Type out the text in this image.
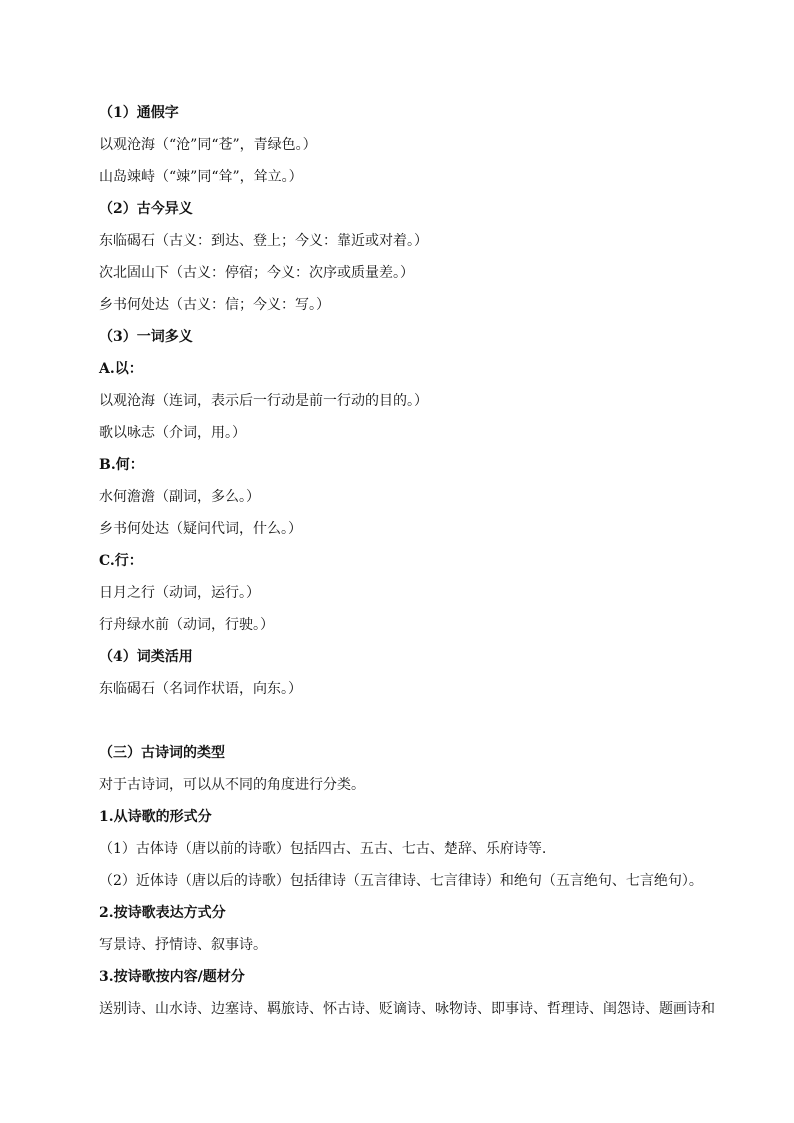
（1）通假字
以观沧海（“沧”同“苍”，青绿色。）
山岛竦峙（“竦”同“耸”，耸立。）
（2）古今异义
东临碣石（古义：到达、登上；今义：靠近或对着。）
次北固山下（古义：停宿；今义：次序或质量差。）
乡书何处达（古义：信；今义：写。）
（3）一词多义
A.以：
以观沧海（连词，表示后一行动是前一行动的目的。）
歌以咏志（介词，用。）
B.何：
水何澹澹（副词，多么。）
乡书何处达（疑问代词，什么。）
C.行：
日月之行（动词，运行。）
行舟绿水前（动词，行驶。）
（4）词类活用
东临碣石（名词作状语，向东。）
（三）古诗词的类型
对于古诗词，可以从不同的角度进行分类。
1.从诗歌的形式分
（1）古体诗（唐以前的诗歌）包括四古、五古、七古、楚辞、乐府诗等.
（2）近体诗（唐以后的诗歌）包括律诗（五言律诗、七言律诗）和绝句（五言绝句、七言绝句）。
2.按诗歌表达方式分
写景诗、抒情诗、叙事诗。
3.按诗歌按内容/题材分
送别诗、山水诗、边塞诗、羁旅诗、怀古诗、贬谪诗、咏物诗、即事诗、哲理诗、闺怨诗、题画诗和
